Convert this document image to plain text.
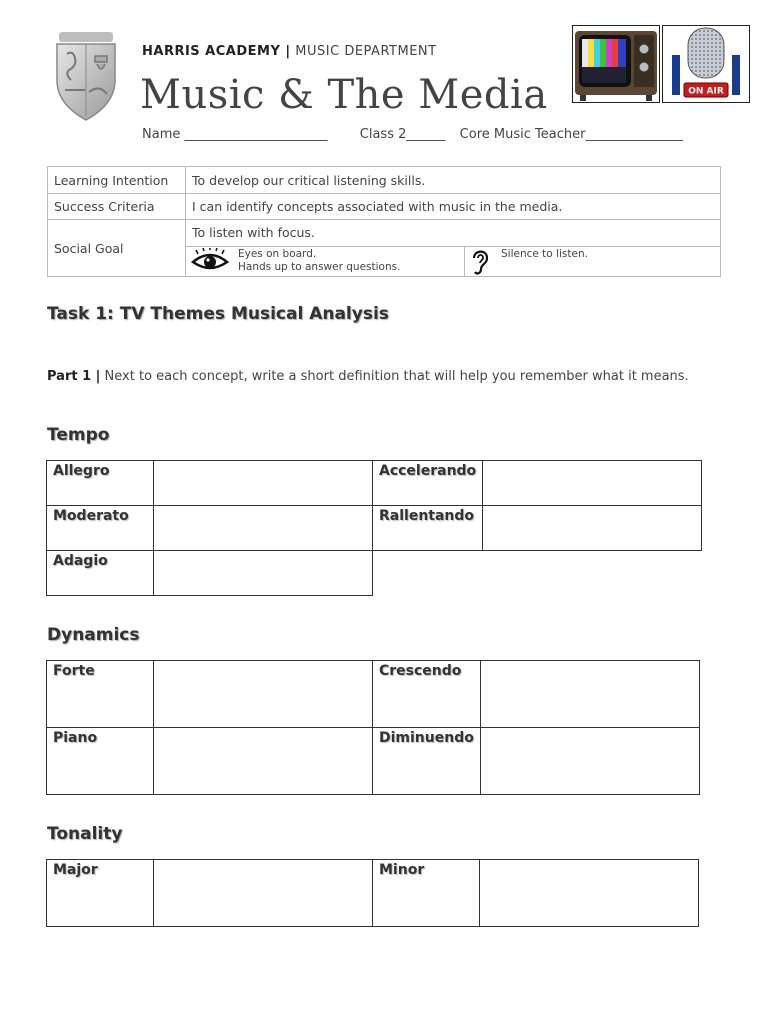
HARRIS ACADEMY | MUSIC DEPARTMENT
Music & The Media
Name ______________________ Class 2______ Core Music Teacher_______________
ON AIR
Learning Intention	To develop our critical listening skills.
Success Criteria	I can identify concepts associated with music in the media.
Social Goal	To listen with focus.
Eyes on board.
Hands up to answer questions.
Silence to listen.
Task 1: TV Themes Musical Analysis
Part 1 | Next to each concept, write a short definition that will help you remember what it means.
Tempo
Allegro		Accelerando	
Moderato		Rallentando	
Adagio			
Dynamics
Forte		Crescendo	
Piano		Diminuendo	
Tonality
Major		Minor	
